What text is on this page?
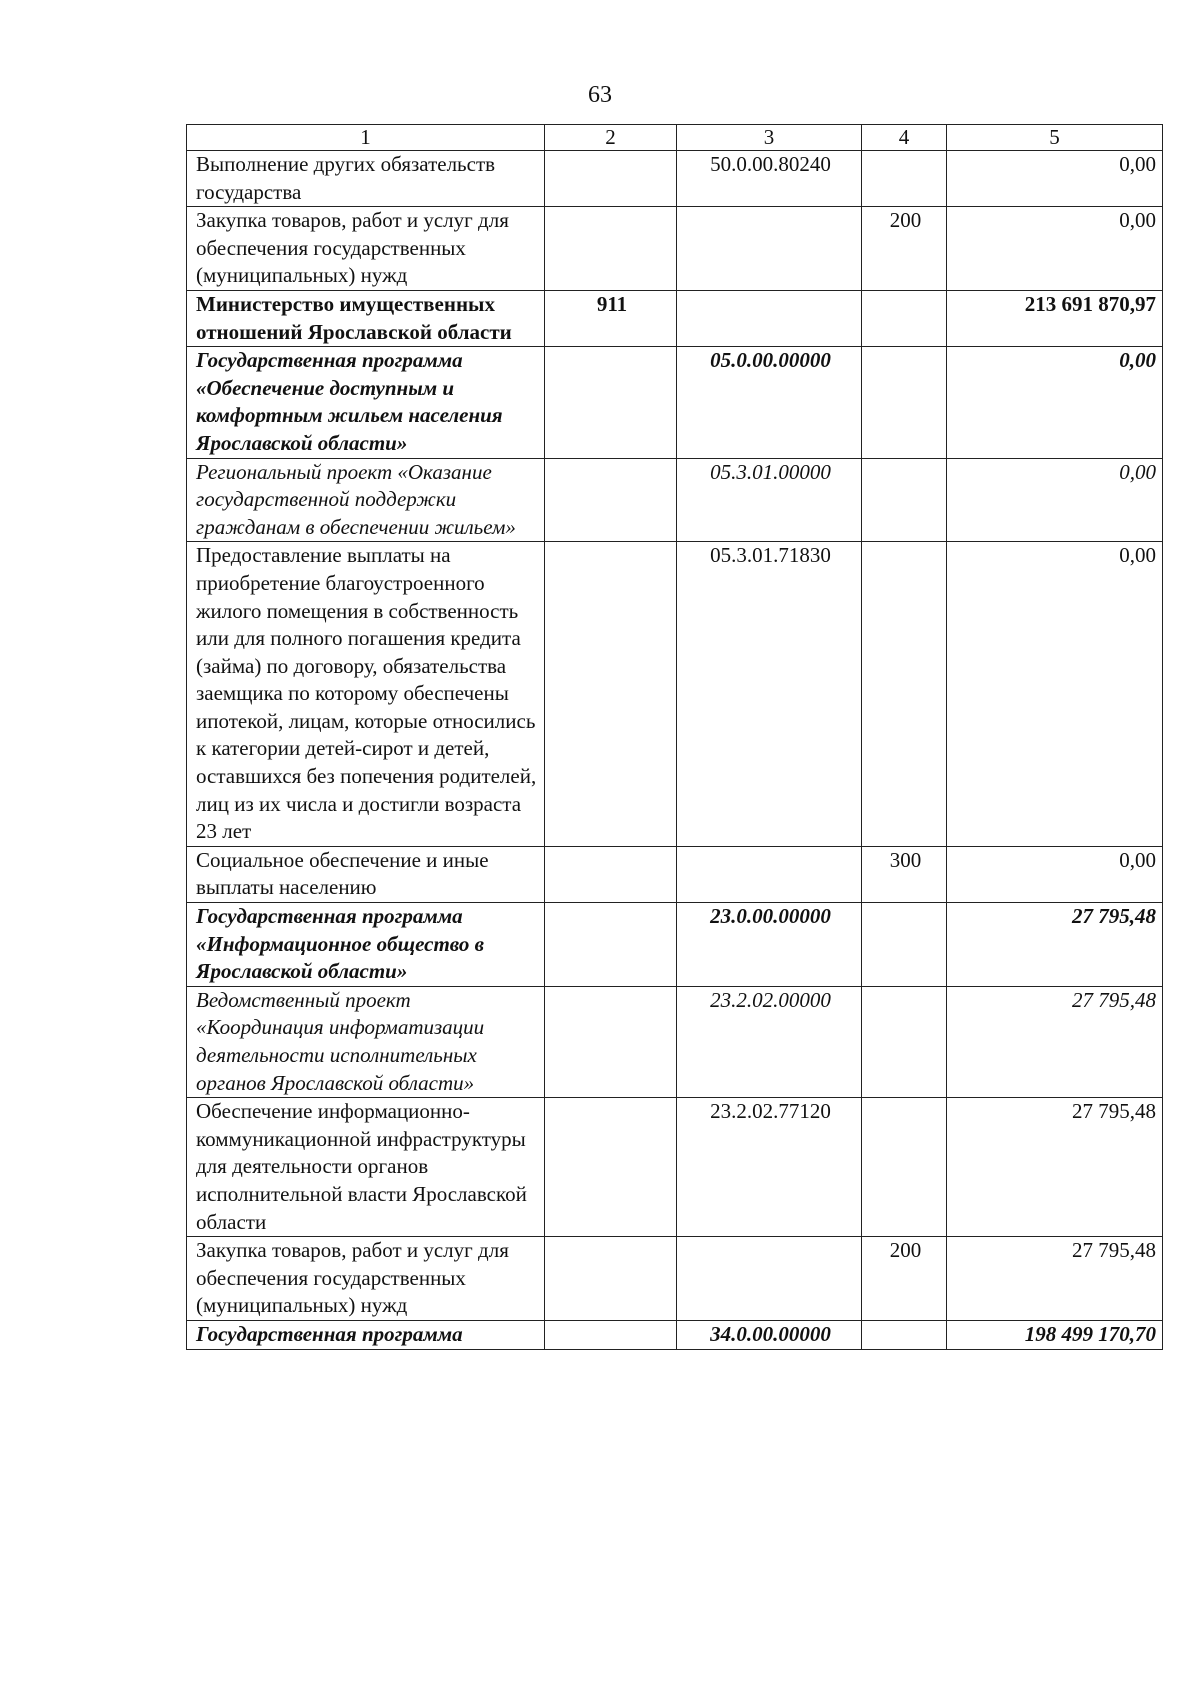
63
1	2	3	4	5
Выполнение других обязательств государства		50.0.00.80240		0,00
Закупка товаров, работ и услуг для обеспечения государственных (муниципальных) нужд			200	0,00
Министерство имущественных отношений Ярославской области	911			213 691 870,97
Государственная программа «Обеспечение доступным и комфортным жильем населения Ярославской области»		05.0.00.00000		0,00
Региональный проект «Оказание государственной поддержки гражданам в обеспечении жильем»		05.3.01.00000		0,00
Предоставление выплаты на приобретение благоустроенного жилого помещения в собственность или для полного погашения кредита (займа) по договору, обязательства заемщика по которому обеспечены ипотекой, лицам, которые относились к категории детей-сирот и детей, оставшихся без попечения родителей, лиц из их числа и достигли возраста 23 лет		05.3.01.71830		0,00
Социальное обеспечение и иные выплаты населению			300	0,00
Государственная программа «Информационное общество в Ярославской области»		23.0.00.00000		27 795,48
Ведомственный проект «Координация информатизации деятельности исполнительных органов Ярославской области»		23.2.02.00000		27 795,48
Обеспечение информационно-коммуникационной инфраструктуры для деятельности органов исполнительной власти Ярославской области		23.2.02.77120		27 795,48
Закупка товаров, работ и услуг для обеспечения государственных (муниципальных) нужд			200	27 795,48
Государственная программа		34.0.00.00000		198 499 170,70
